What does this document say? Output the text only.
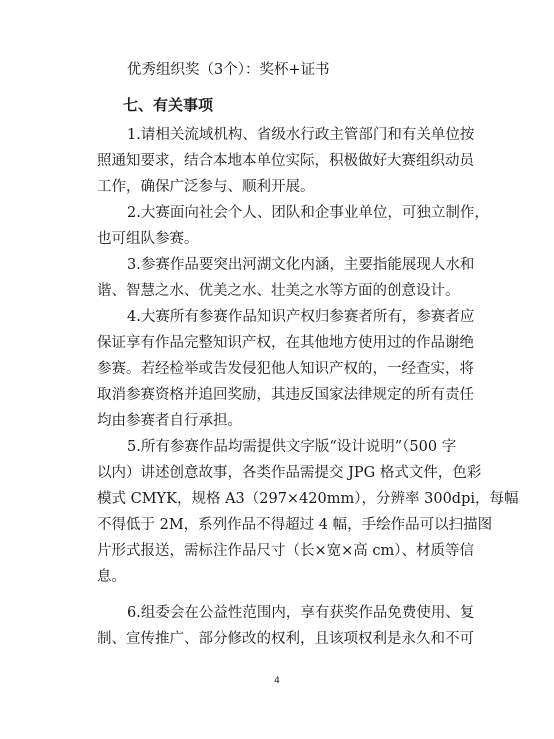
优秀组织奖（3个）：奖杯+证书
七、有关事项
1.请相关流域机构、省级水行政主管部门和有关单位按
照通知要求，结合本地本单位实际，积极做好大赛组织动员
工作，确保广泛参与、顺利开展。
2.大赛面向社会个人、团队和企事业单位，可独立制作，
也可组队参赛。
3.参赛作品要突出河湖文化内涵，主要指能展现人水和
谐、智慧之水、优美之水、壮美之水等方面的创意设计。
4.大赛所有参赛作品知识产权归参赛者所有，参赛者应
保证享有作品完整知识产权，在其他地方使用过的作品谢绝
参赛。若经检举或告发侵犯他人知识产权的，一经查实，将
取消参赛资格并追回奖励，其违反国家法律规定的所有责任
均由参赛者自行承担。
5.所有参赛作品均需提供文字版“设计说明”（500 字
以内）讲述创意故事，各类作品需提交 JPG 格式文件，色彩
模式 CMYK，规格 A3（297×420mm），分辨率 300dpi，每幅
不得低于 2M，系列作品不得超过 4 幅，手绘作品可以扫描图
片形式报送，需标注作品尺寸（长×宽×高 cm）、材质等信
息。
6.组委会在公益性范围内，享有获奖作品免费使用、复
制、宣传推广、部分修改的权利，且该项权利是永久和不可
4
